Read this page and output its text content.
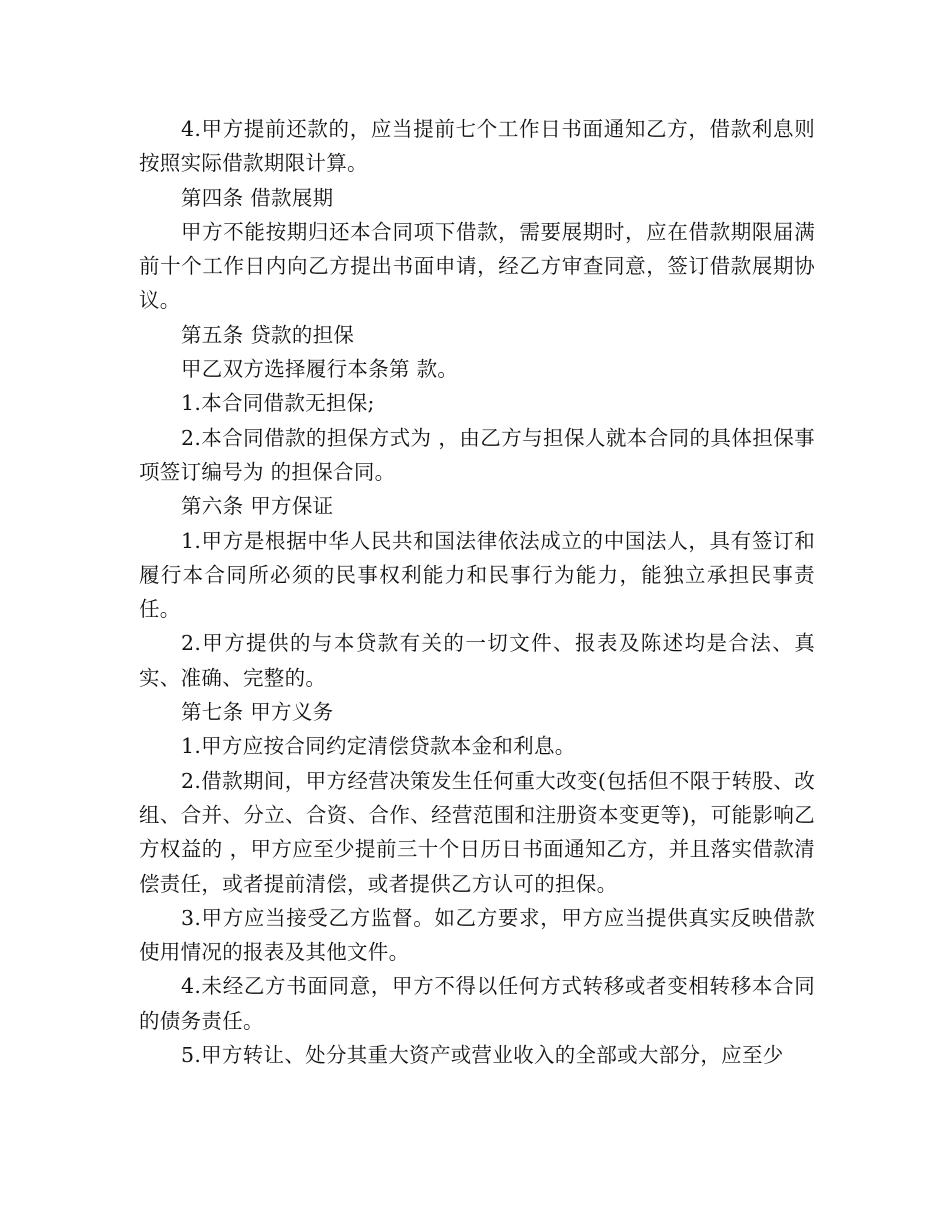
4.甲方提前还款的，应当提前七个工作日书面通知乙方，借款利息则按照实际借款期限计算。

第四条 借款展期

甲方不能按期归还本合同项下借款，需要展期时，应在借款期限届满前十个工作日内向乙方提出书面申请，经乙方审查同意，签订借款展期协议。

第五条 贷款的担保

甲乙双方选择履行本条第 款。

1.本合同借款无担保;

2.本合同借款的担保方式为 ，由乙方与担保人就本合同的具体担保事项签订编号为 的担保合同。

第六条 甲方保证

1.甲方是根据中华人民共和国法律依法成立的中国法人，具有签订和履行本合同所必须的民事权利能力和民事行为能力，能独立承担民事责任。

2.甲方提供的与本贷款有关的一切文件、报表及陈述均是合法、真实、准确、完整的。

第七条 甲方义务

1.甲方应按合同约定清偿贷款本金和利息。

2.借款期间，甲方经营决策发生任何重大改变(包括但不限于转股、改组、合并、分立、合资、合作、经营范围和注册资本变更等)，可能影响乙方权益的 ，甲方应至少提前三十个日历日书面通知乙方，并且落实借款清偿责任，或者提前清偿，或者提供乙方认可的担保。

3.甲方应当接受乙方监督。如乙方要求，甲方应当提供真实反映借款使用情况的报表及其他文件。

4.未经乙方书面同意，甲方不得以任何方式转移或者变相转移本合同的债务责任。

5.甲方转让、处分其重大资产或营业收入的全部或大部分，应至少
